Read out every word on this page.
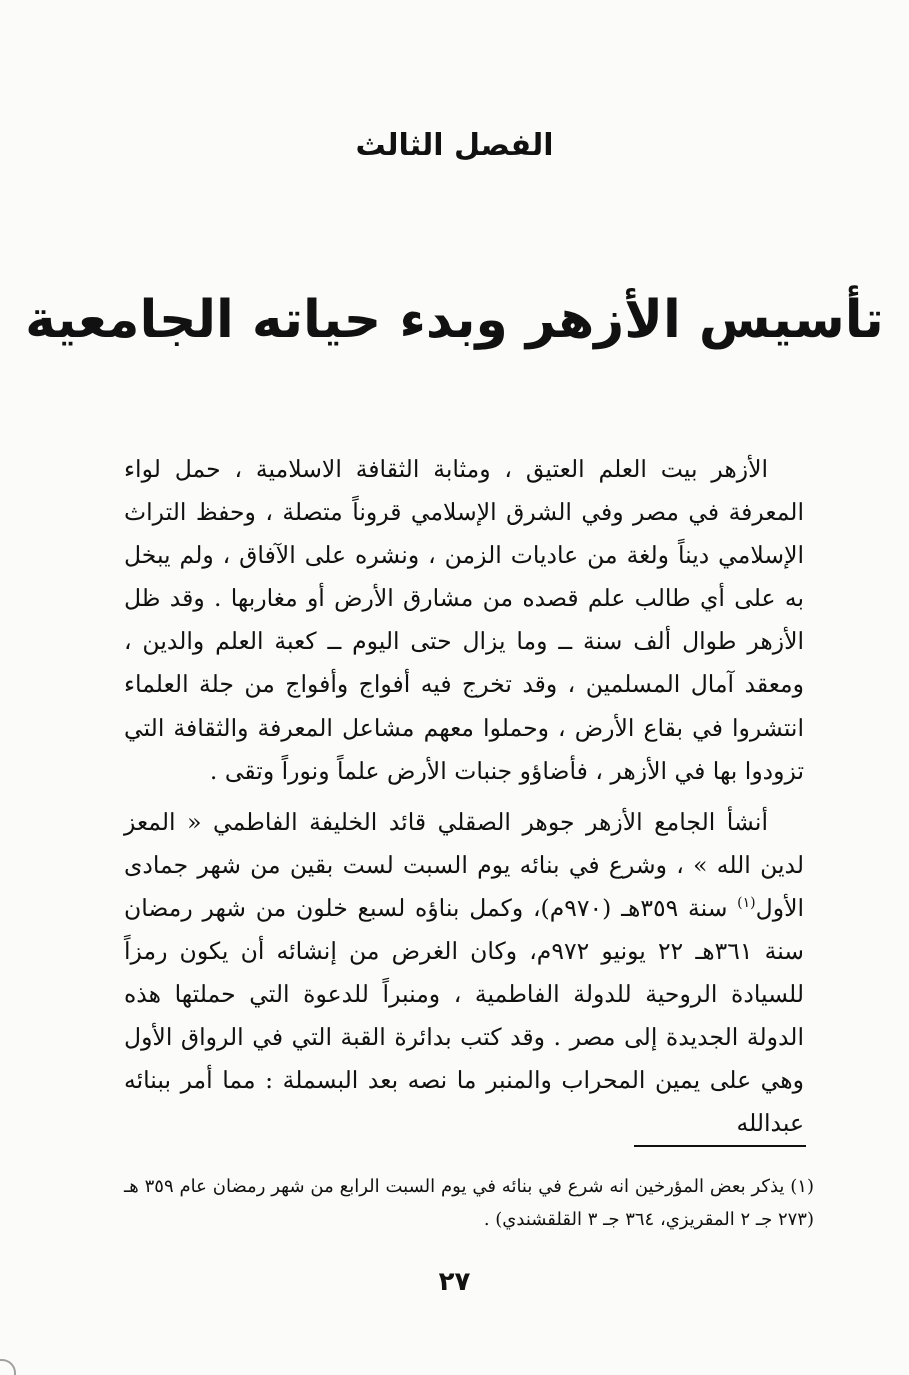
الفصل الثالث
تأسيس الأزهر وبدء حياته الجامعية

الأزهر بيت العلم العتيق ، ومثابة الثقافة الاسلامية ، حمل لواء المعرفة في مصر وفي الشرق الإسلامي قروناً متصلة ، وحفظ التراث الإسلامي ديناً ولغة من عاديات الزمن ، ونشره على الآفاق ، ولم يبخل به على أي طالب علم قصده من مشارق الأرض أو مغاربها . وقد ظل الأزهر طوال ألف سنة ــ وما يزال حتى اليوم ــ كعبة العلم والدين ، ومعقد آمال المسلمين ، وقد تخرج فيه أفواج وأفواج من جلة العلماء انتشروا في بقاع الأرض ، وحملوا معهم مشاعل المعرفة والثقافة التي تزودوا بها في الأزهر ، فأضاؤو جنبات الأرض علماً ونوراً وتقى .

أنشأ الجامع الأزهر جوهر الصقلي قائد الخليفة الفاطمي « المعز لدين الله » ، وشرع في بنائه يوم السبت لست بقين من شهر جمادى الأول$^{(١)}$ سنة ٣٥٩هـ (٩٧٠م)، وكمل بناؤه لسبع خلون من شهر رمضان سنة ٣٦١هـ ٢٢ يونيو ٩٧٢م، وكان الغرض من إنشائه أن يكون رمزاً للسيادة الروحية للدولة الفاطمية ، ومنبراً للدعوة التي حملتها هذه الدولة الجديدة إلى مصر . وقد كتب بدائرة القبة التي في الرواق الأول وهي على يمين المحراب والمنبر ما نصه بعد البسملة : مما أمر ببنائه عبدالله

(١) يذكر بعض المؤرخين انه شرع في بنائه في يوم السبت الرابع من شهر رمضان عام ٣٥٩ هـ (٢٧٣ جـ ٢ المقريزي، ٣٦٤ جـ ٣ القلقشندي) .
٢٧
